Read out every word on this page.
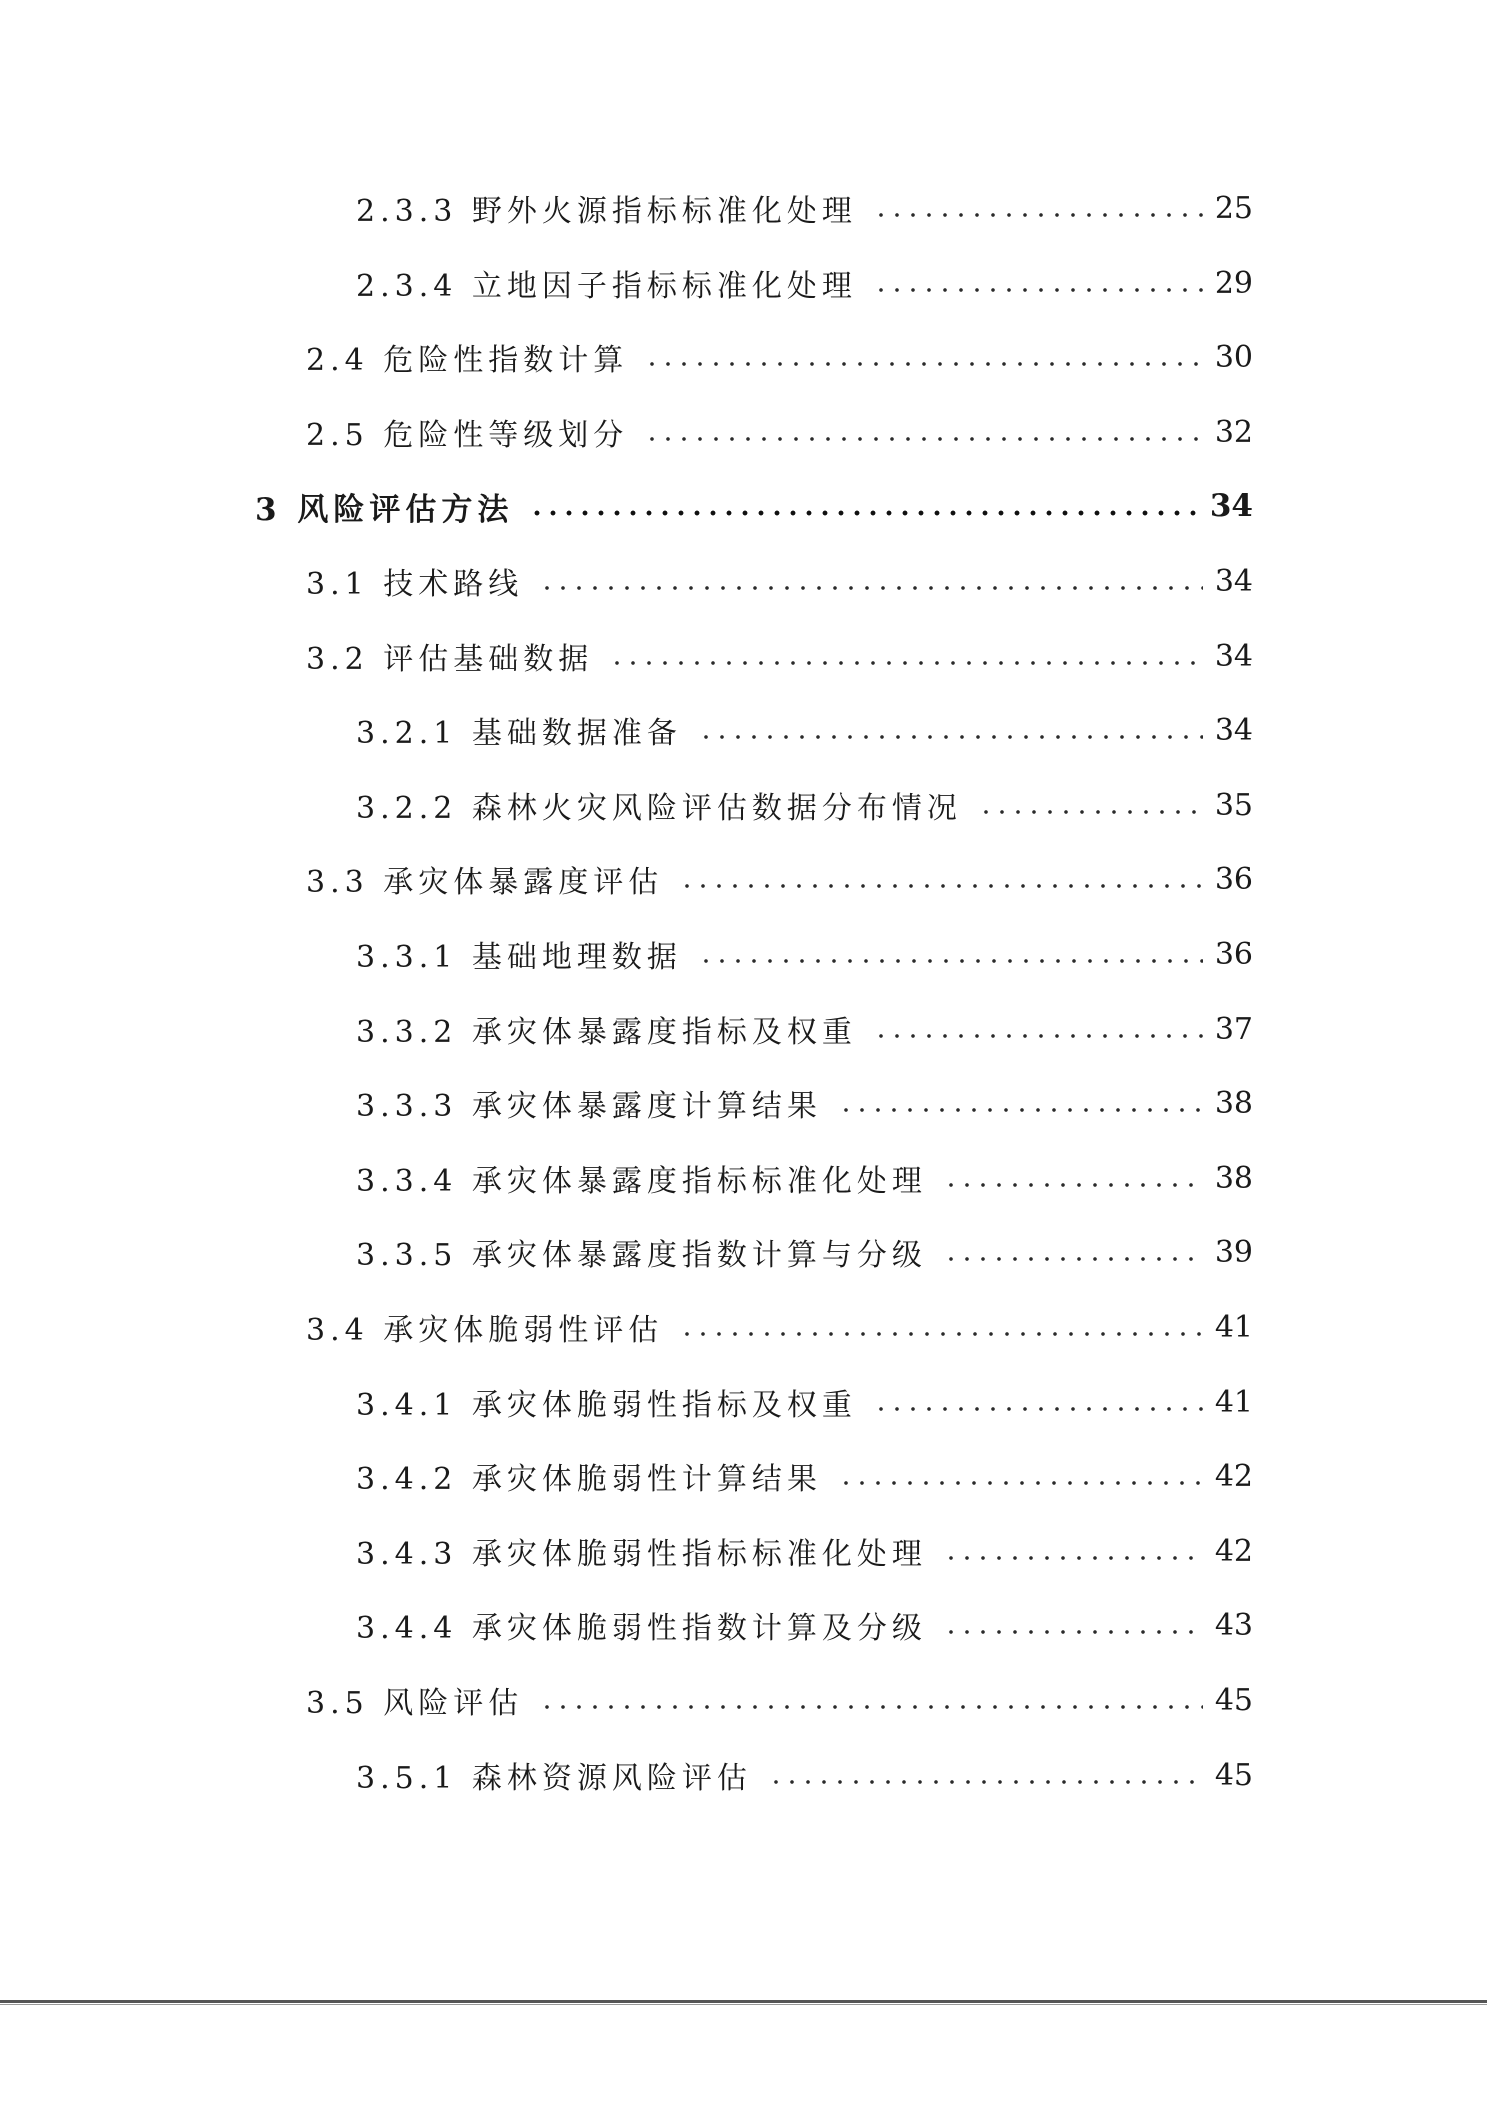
2.3.3 野外火源指标标准化处理	25
2.3.4 立地因子指标标准化处理	29
2.4 危险性指数计算	30
2.5 危险性等级划分	32
3 风险评估方法	34
3.1 技术路线	34
3.2 评估基础数据	34
3.2.1 基础数据准备	34
3.2.2 森林火灾风险评估数据分布情况	35
3.3 承灾体暴露度评估	36
3.3.1 基础地理数据	36
3.3.2 承灾体暴露度指标及权重	37
3.3.3 承灾体暴露度计算结果	38
3.3.4 承灾体暴露度指标标准化处理	38
3.3.5 承灾体暴露度指数计算与分级	39
3.4 承灾体脆弱性评估	41
3.4.1 承灾体脆弱性指标及权重	41
3.4.2 承灾体脆弱性计算结果	42
3.4.3 承灾体脆弱性指标标准化处理	42
3.4.4 承灾体脆弱性指数计算及分级	43
3.5 风险评估	45
3.5.1 森林资源风险评估	45
